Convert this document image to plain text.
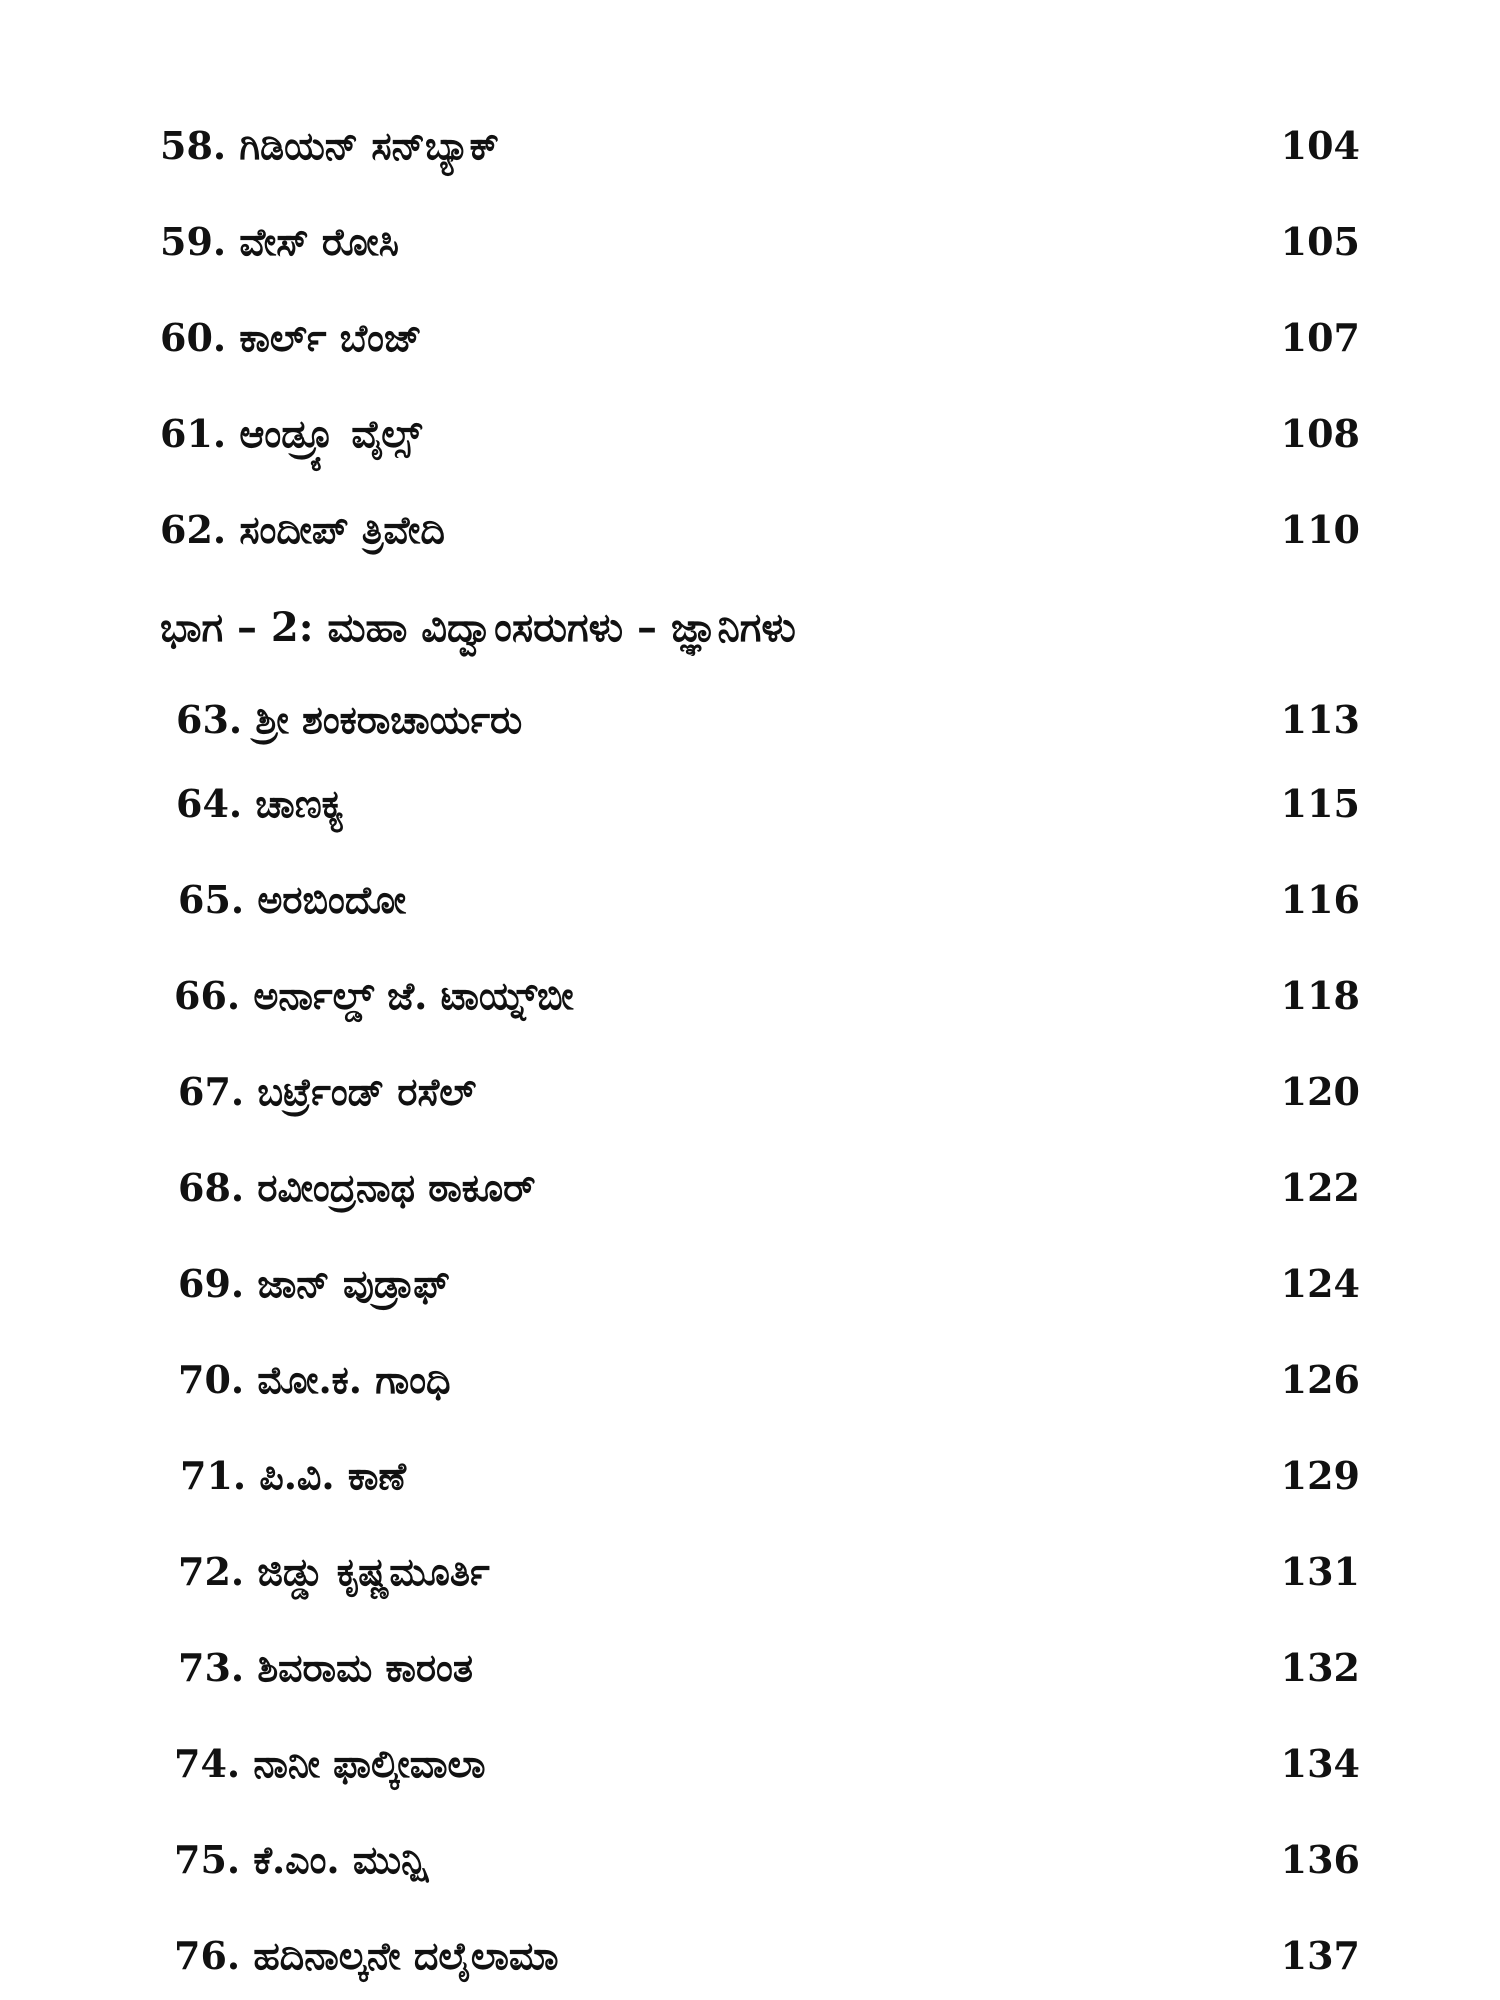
58. ಗಿಡಿಯನ್ ಸನ್‌ಬ್ಯಾಕ್	104
59. ವೇಸ್ ರೋಸಿ	105
60. ಕಾರ್ಲ್ ಬೆಂಜ್	107
61. ಆಂಡ್ರ್ಯೂ ವೈಲ್ಸ್	108
62. ಸಂದೀಪ್ ತ್ರಿವೇದಿ	110
ಭಾಗ – 2: ಮಹಾ ವಿದ್ವಾಂಸರುಗಳು – ಜ್ಞಾನಿಗಳು
63. ಶ್ರೀ ಶಂಕರಾಚಾರ್ಯರು	113
64. ಚಾಣಕ್ಯ	115
65. ಅರಬಿಂದೋ	116
66. ಅರ್ನಾಲ್ಡ್ ಜೆ. ಟಾಯ್ನ್‌ಬೀ	118
67. ಬರ್ಟ್ರೆಂಡ್ ರಸೆಲ್	120
68. ರವೀಂದ್ರನಾಥ ಠಾಕೂರ್	122
69. ಜಾನ್ ವುಡ್ರಾಫ್	124
70. ಮೋ.ಕ. ಗಾಂಧಿ	126
71. ಪಿ.ವಿ. ಕಾಣೆ	129
72. ಜಿಡ್ಡು ಕೃಷ್ಣಮೂರ್ತಿ	131
73. ಶಿವರಾಮ ಕಾರಂತ	132
74. ನಾನೀ ಫಾಲ್ಕೀವಾಲಾ	134
75. ಕೆ.ಎಂ. ಮುನ್ಷಿ	136
76. ಹದಿನಾಲ್ಕನೇ ದಲೈಲಾಮಾ	137
